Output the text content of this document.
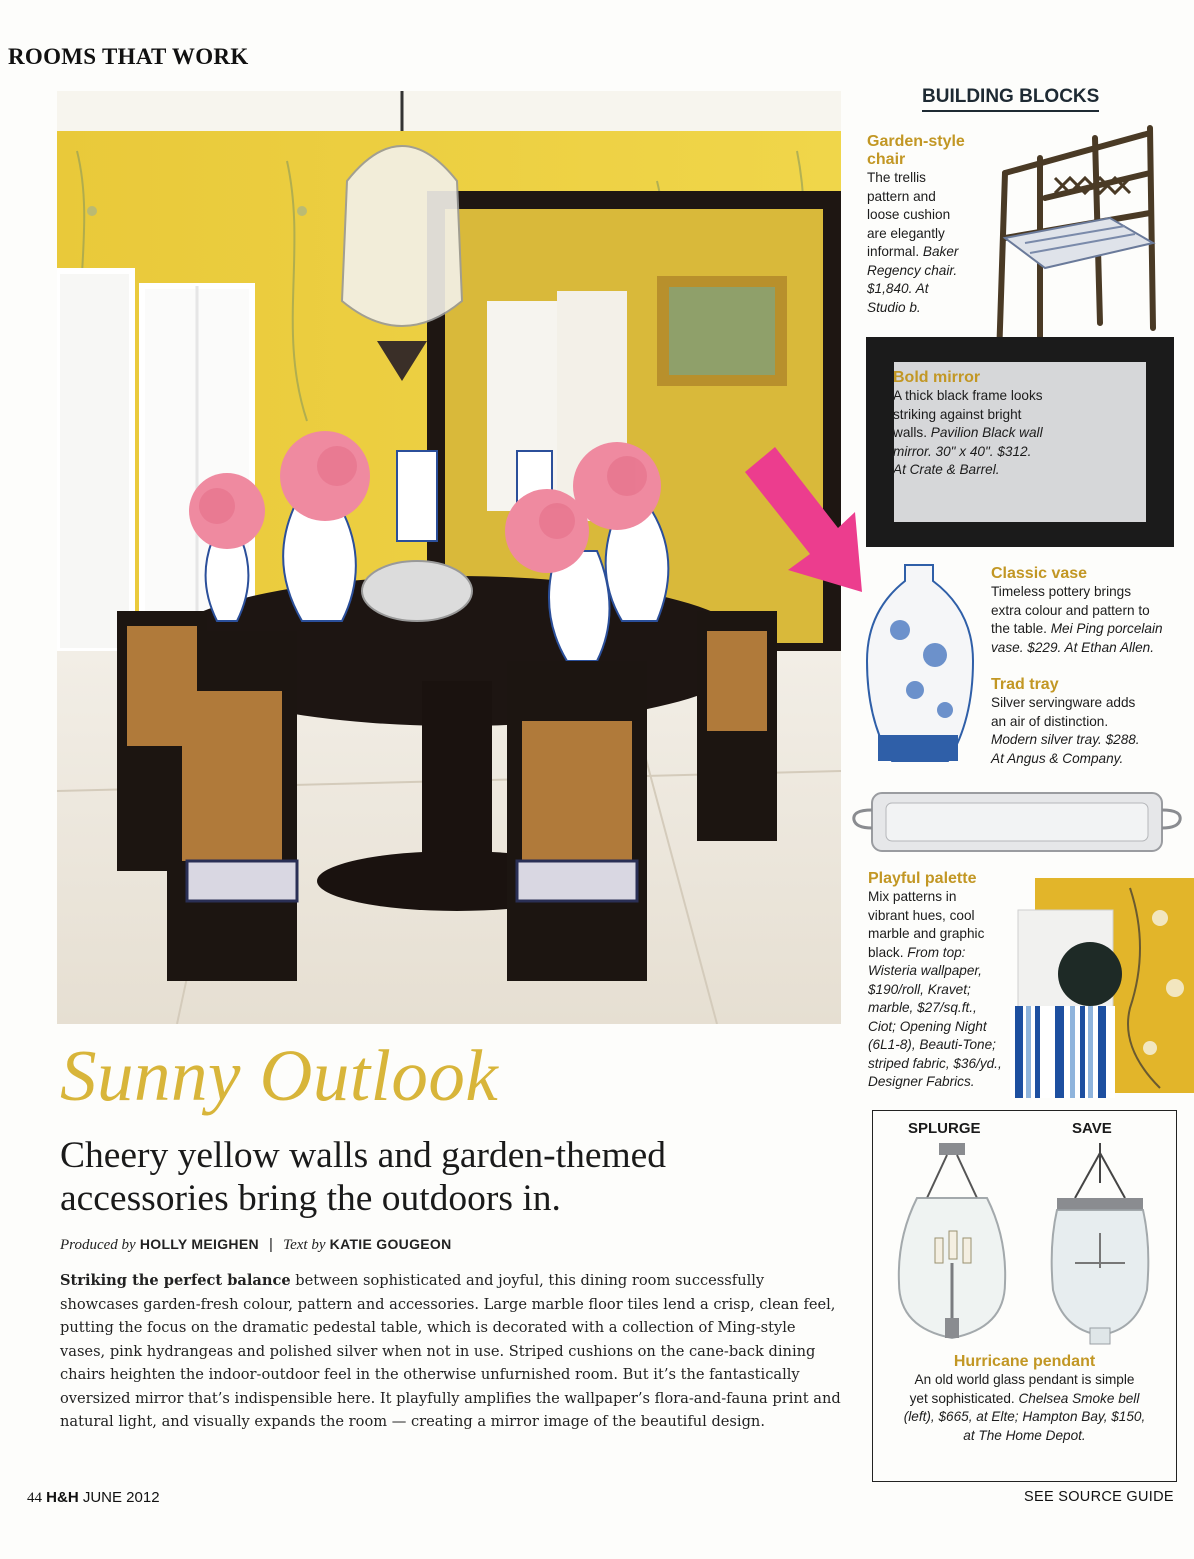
ROOMS THAT WORK
BUILDING BLOCKS
Garden-style chair
The trellis
pattern and
loose cushion
are elegantly
informal. Baker
Regency chair.
$1,840. At
Studio b.
Bold mirror
A thick black frame looks
striking against bright
walls. Pavilion Black wall
mirror. 30" x 40". $312.
At Crate & Barrel.
Classic vase
Timeless pottery brings
extra colour and pattern to
the table. Mei Ping porcelain
vase. $229. At Ethan Allen.
Trad tray
Silver servingware adds
an air of distinction.
Modern silver tray. $288.
At Angus & Company.
Playful palette
Mix patterns in
vibrant hues, cool
marble and graphic
black. From top:
Wisteria wallpaper,
$190/roll, Kravet;
marble, $27/sq.ft.,
Ciot; Opening Night
(6L1-8), Beauti-Tone;
striped fabric, $36/yd.,
Designer Fabrics.
SPLURGE	SAVE
Hurricane pendant
An old world glass pendant is simple
yet sophisticated. Chelsea Smoke bell
(left), $665, at Elte; Hampton Bay, $150,
at The Home Depot.
Sunny Outlook
Cheery yellow walls and garden-themed
accessories bring the outdoors in.
Produced by HOLLY MEIGHEN | Text by KATIE GOUGEON
Striking the perfect balance between sophisticated and joyful, this dining room successfully showcases garden-fresh colour, pattern and accessories. Large marble floor tiles lend a crisp, clean feel, putting the focus on the dramatic pedestal table, which is decorated with a collection of Ming-style vases, pink hydrangeas and polished silver when not in use. Striped cushions on the cane-back dining chairs heighten the indoor-outdoor feel in the otherwise unfurnished room. But it’s the fantastically oversized mirror that’s indispensible here. It playfully amplifies the wallpaper’s flora-and-fauna print and natural light, and visually expands the room — creating a mirror image of the beautiful design.
44 H&H JUNE 2012	SEE SOURCE GUIDE
